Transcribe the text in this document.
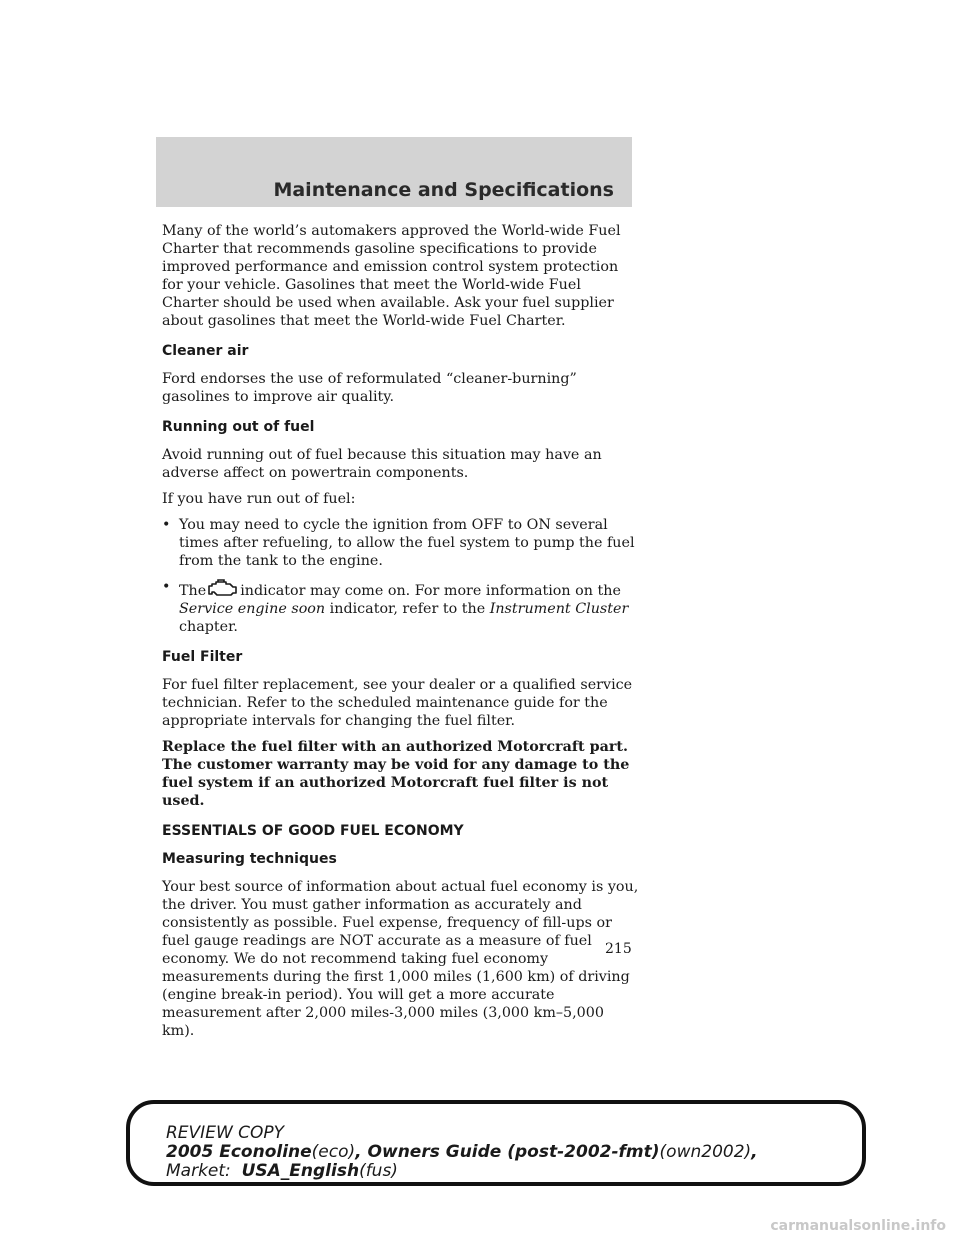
Maintenance and Specifications

Many of the world’s automakers approved the World-wide Fuel Charter that recommends gasoline specifications to provide improved performance and emission control system protection for your vehicle. Gasolines that meet the World-wide Fuel Charter should be used when available. Ask your fuel supplier about gasolines that meet the World-wide Fuel Charter.

Cleaner air

Ford endorses the use of reformulated “cleaner-burning” gasolines to improve air quality.

Running out of fuel

Avoid running out of fuel because this situation may have an adverse affect on powertrain components.

If you have run out of fuel:

• You may need to cycle the ignition from OFF to ON several times after refueling, to allow the fuel system to pump the fuel from the tank to the engine.
• The indicator may come on. For more information on the
Service engine soon indicator, refer to the Instrument Cluster
chapter.
Fuel Filter

For fuel filter replacement, see your dealer or a qualified service technician. Refer to the scheduled maintenance guide for the appropriate intervals for changing the fuel filter.

Replace the fuel filter with an authorized Motorcraft part. The customer warranty may be void for any damage to the fuel system if an authorized Motorcraft fuel filter is not used.

ESSENTIALS OF GOOD FUEL ECONOMY
Measuring techniques

Your best source of information about actual fuel economy is you, the driver. You must gather information as accurately and consistently as possible. Fuel expense, frequency of fill-ups or fuel gauge readings are NOT accurate as a measure of fuel economy. We do not recommend taking fuel economy measurements during the first 1,000 miles (1,600 km) of driving (engine break-in period). You will get a more accurate measurement after 2,000 miles-3,000 miles (3,000 km–5,000 km).

215
REVIEW COPY
2005 Econoline(eco), Owners Guide (post-2002-fmt)(own2002),
Market: USA_English(fus)
carmanualsonline.info
